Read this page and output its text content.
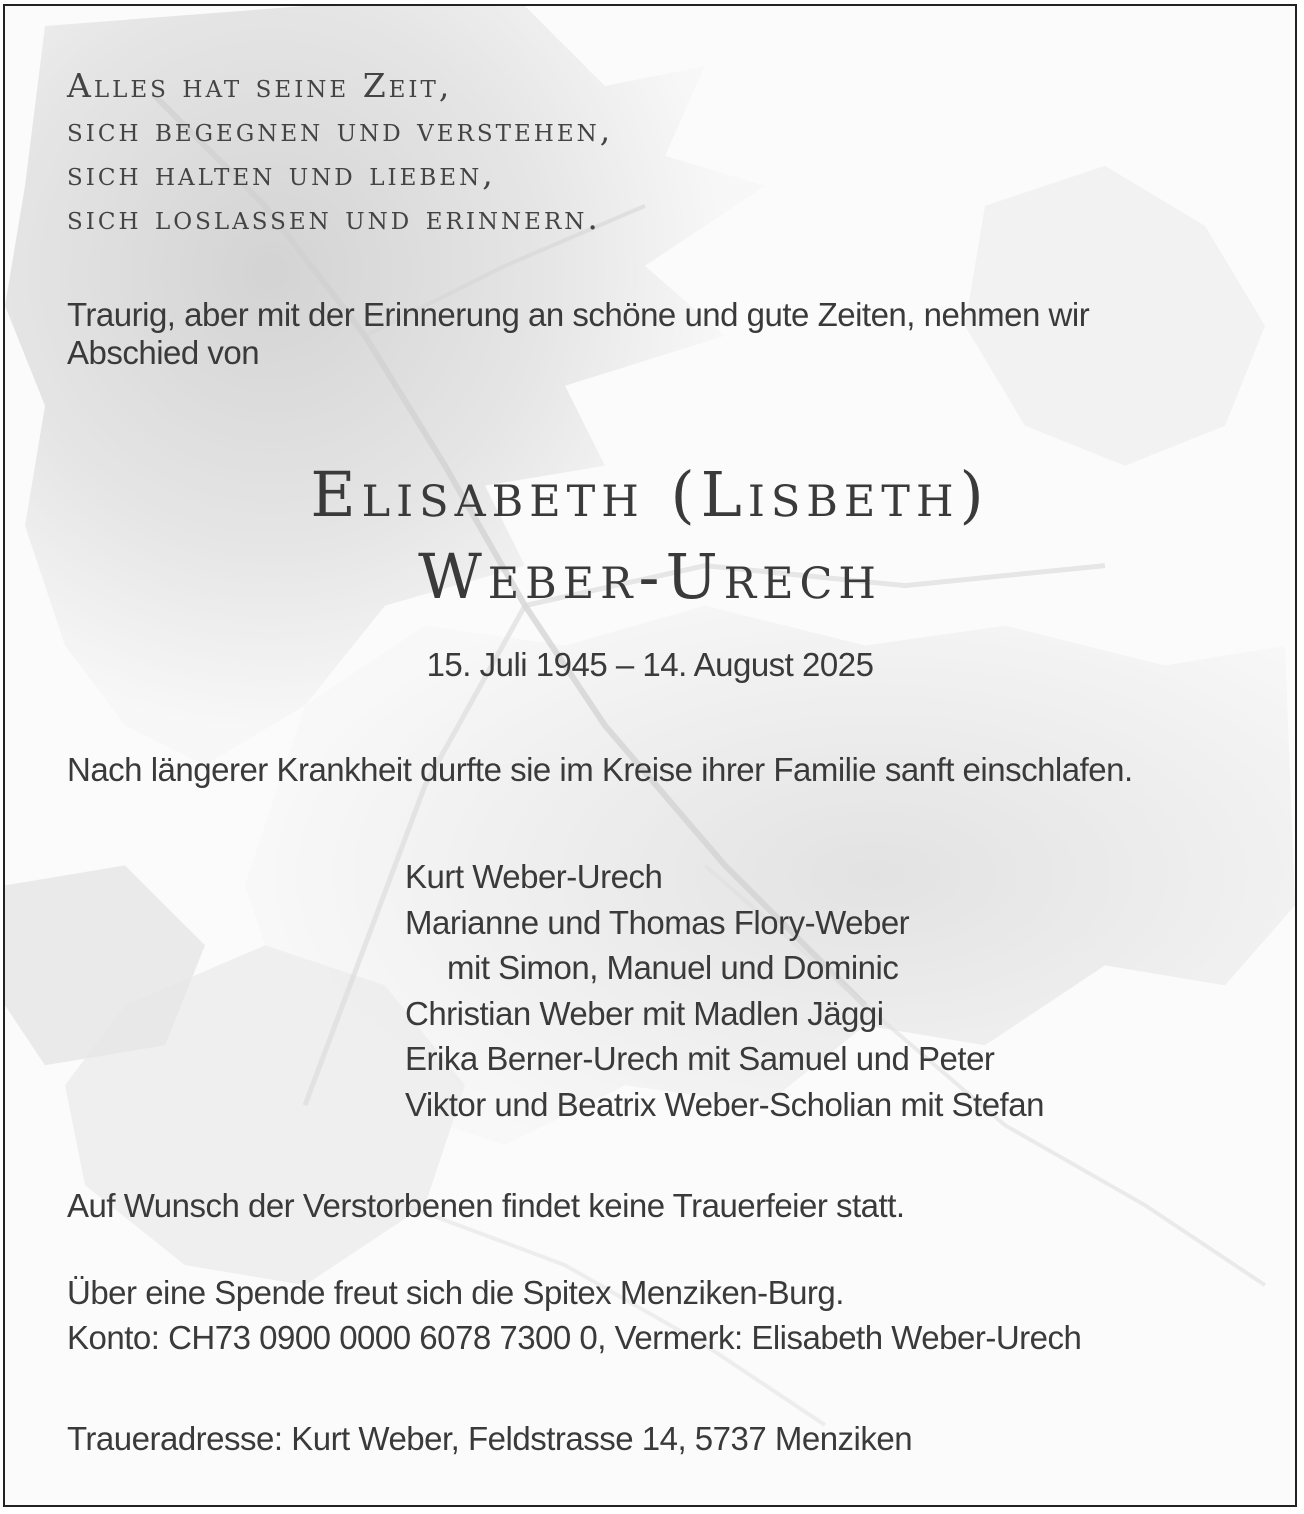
Alles hat seine Zeit,
sich begegnen und verstehen,
sich halten und lieben,
sich loslassen und erinnern.
Traurig, aber mit der Erinnerung an schöne und gute Zeiten, nehmen wir
Abschied von
Elisabeth (Lisbeth)
Weber-Urech
15. Juli 1945 – 14. August 2025
Nach längerer Krankheit durfte sie im Kreise ihrer Familie sanft einschlafen.
Kurt Weber-Urech
Marianne und Thomas Flory-Weber
mit Simon, Manuel und Dominic
Christian Weber mit Madlen Jäggi
Erika Berner-Urech mit Samuel und Peter
Viktor und Beatrix Weber-Scholian mit Stefan
Auf Wunsch der Verstorbenen findet keine Trauerfeier statt.
Über eine Spende freut sich die Spitex Menziken-Burg.
Konto: CH73 0900 0000 6078 7300 0, Vermerk: Elisabeth Weber-Urech
Traueradresse: Kurt Weber, Feldstrasse 14, 5737 Menziken
